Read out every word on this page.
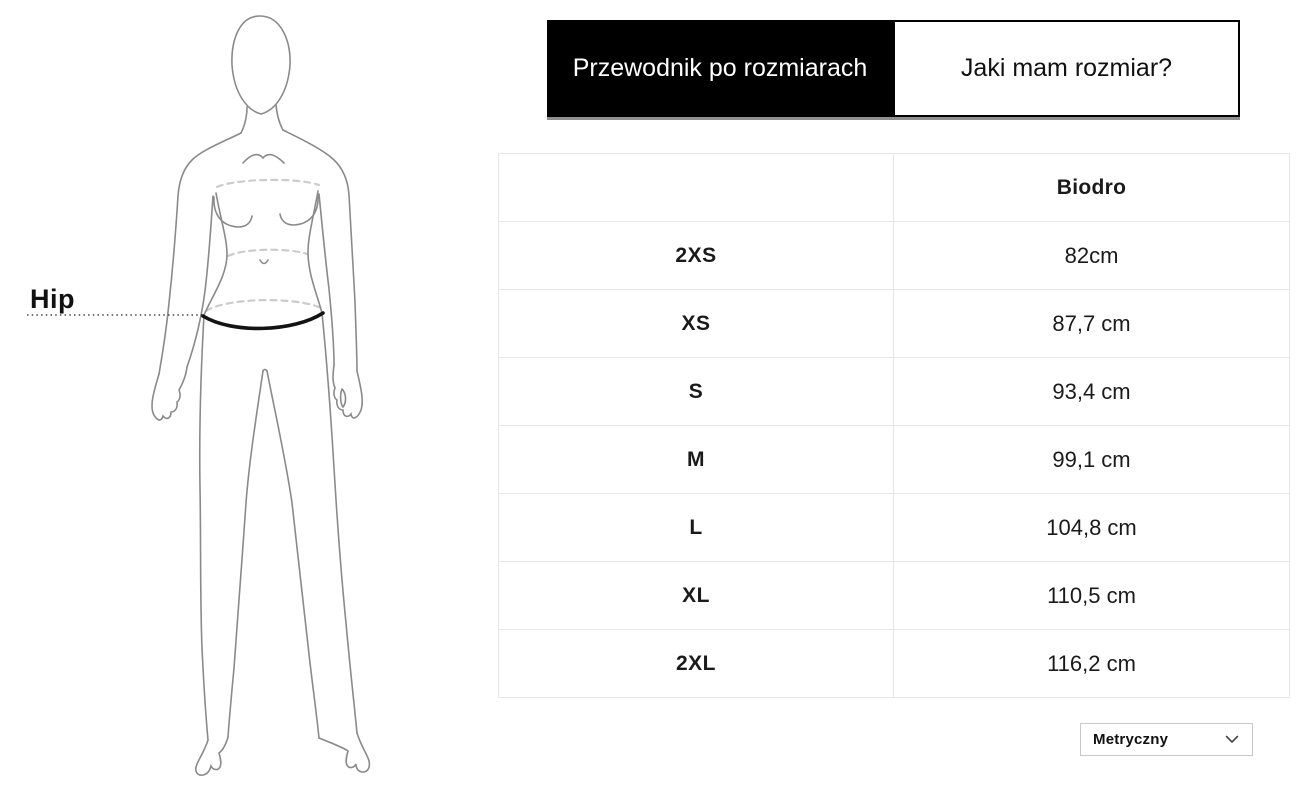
Hip
Przewodnik po rozmiarach	Jaki mam rozmiar?
Biodro
2XS	82cm
XS	87,7 cm
S	93,4 cm
M	99,1 cm
L	104,8 cm
XL	110,5 cm
2XL	116,2 cm
Metryczny
